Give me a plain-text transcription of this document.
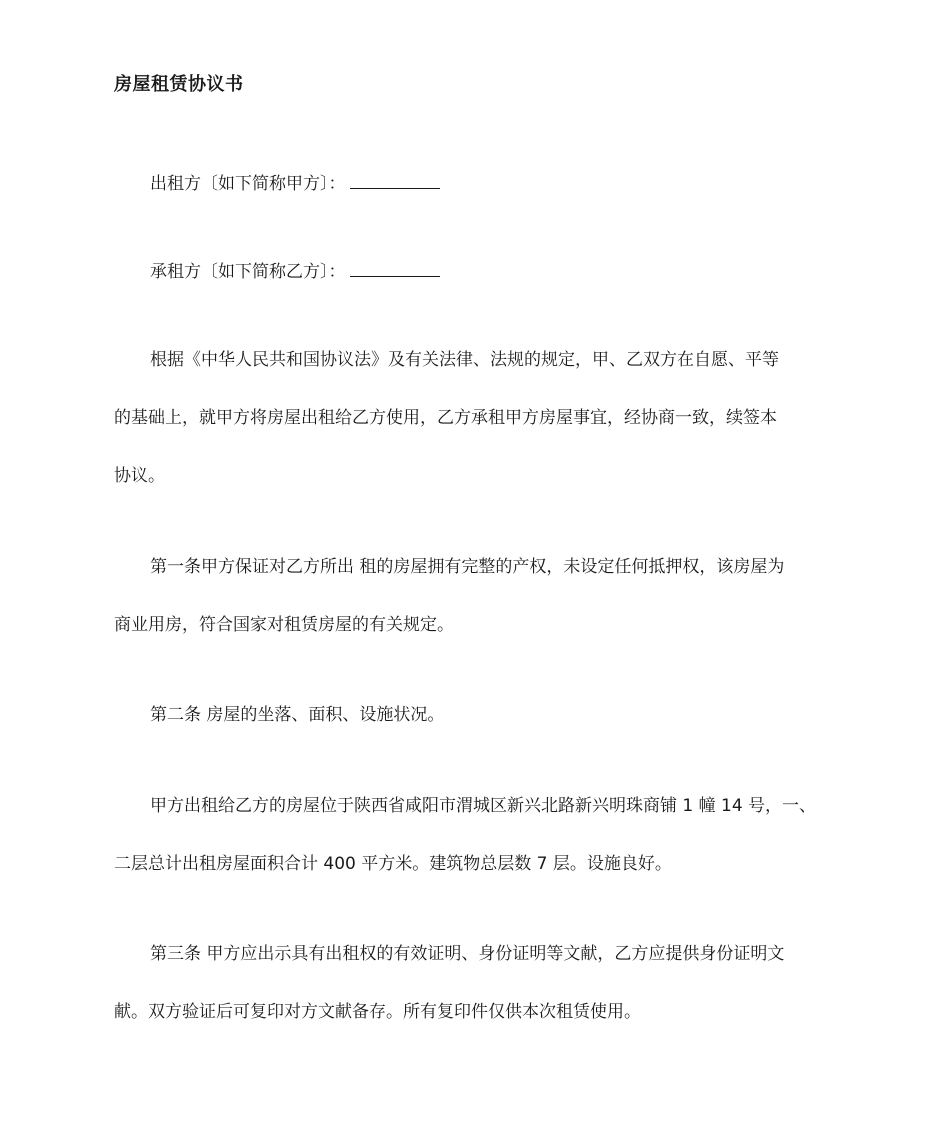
房屋租赁协议书
出租方〔如下简称甲方〕：
承租方〔如下简称乙方〕：
根据《中华人民共和国协议法》及有关法律、法规的规定，甲、乙双方在自愿、平等
的基础上，就甲方将房屋出租给乙方使用，乙方承租甲方房屋事宜，经协商一致，续签本
协议。
第一条甲方保证对乙方所出 租的房屋拥有完整的产权，未设定任何抵押权，该房屋为
商业用房，符合国家对租赁房屋的有关规定。
第二条 房屋的坐落、面积、设施状况。
甲方出租给乙方的房屋位于陕西省咸阳市渭城区新兴北路新兴明珠商铺 1 幢 14 号，一、
二层总计出租房屋面积合计 400 平方米。建筑物总层数 7 层。设施良好。
第三条 甲方应出示具有出租权的有效证明、身份证明等文献，乙方应提供身份证明文
献。双方验证后可复印对方文献备存。所有复印件仅供本次租赁使用。
